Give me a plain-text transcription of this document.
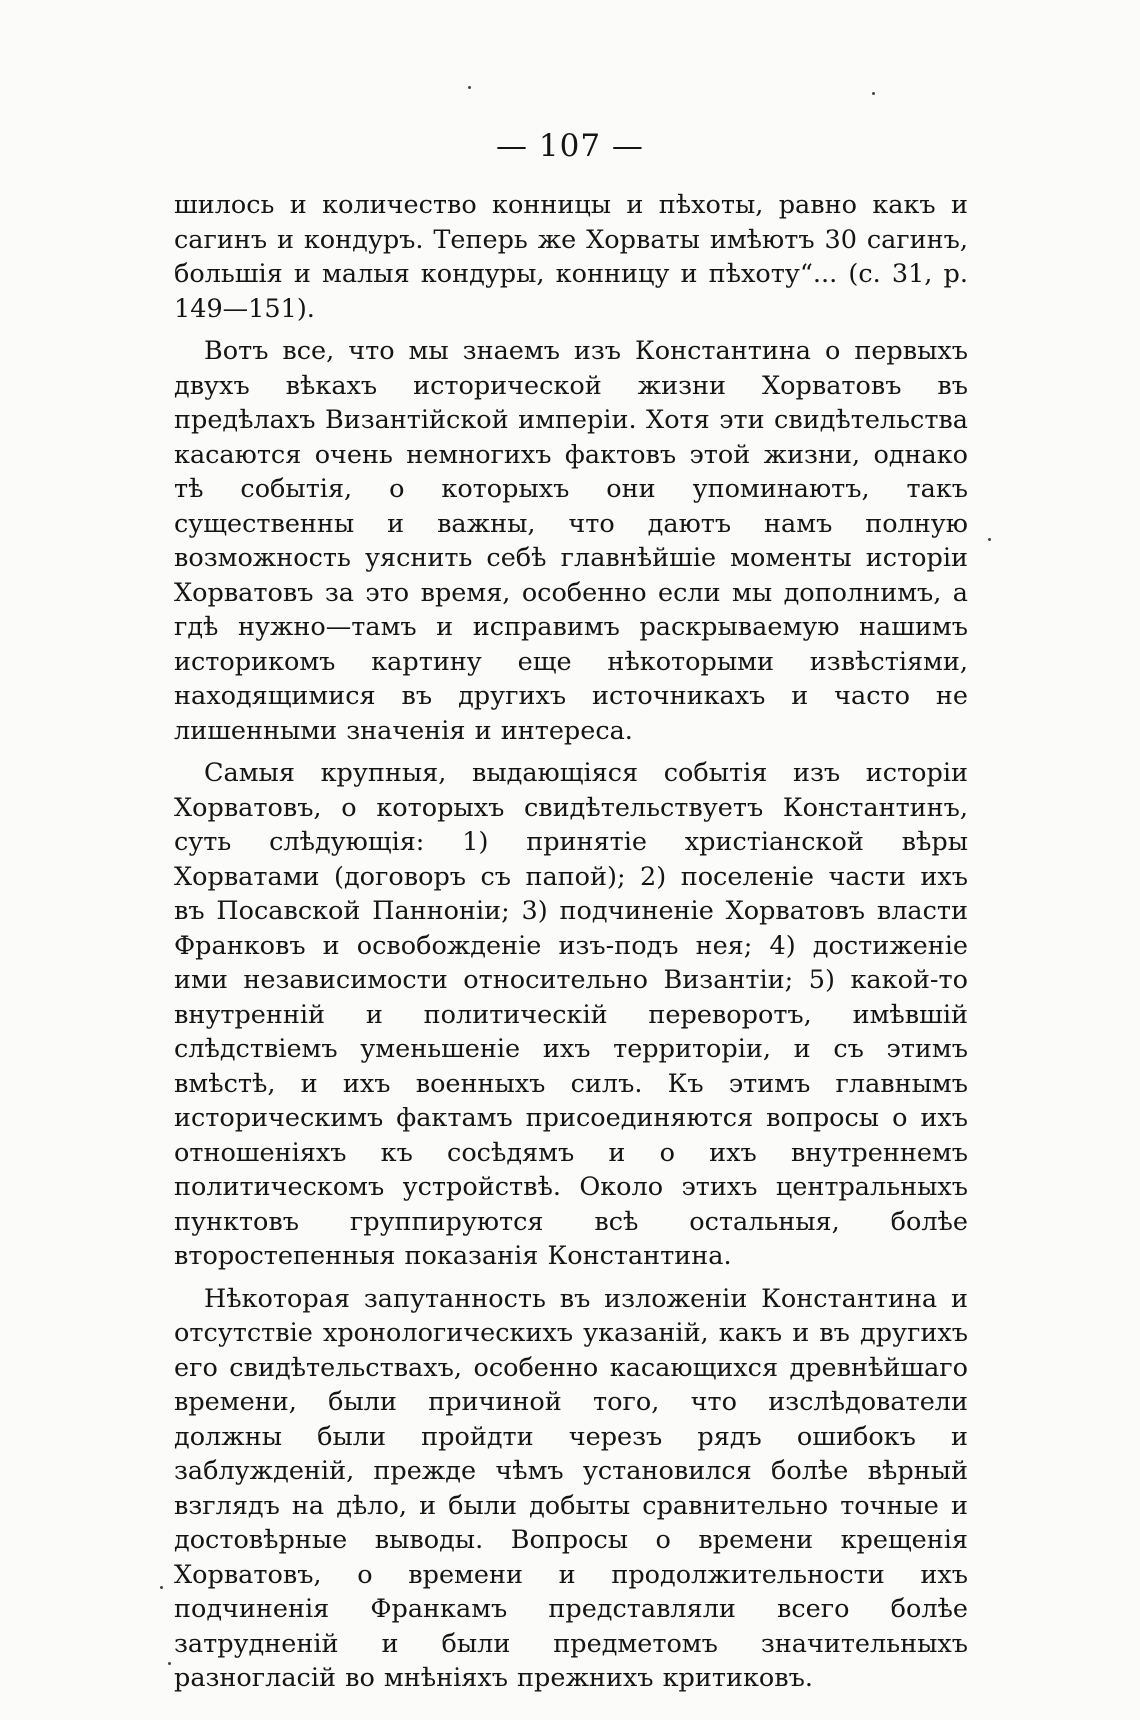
— 107 —

шилось и количество конницы и пѣхоты, равно какъ и сагинъ и кондуръ. Теперь же Хорваты имѣютъ 30 сагинъ, большія и малыя кондуры, конницу и пѣхоту“... (с. 31, р. 149—151).

Вотъ все, что мы знаемъ изъ Константина о первыхъ двухъ вѣкахъ исторической жизни Хорватовъ въ предѣлахъ Византійской имперіи. Хотя эти свидѣтельства касаются очень немногихъ фактовъ этой жизни, однако тѣ событія, о которыхъ они упоминаютъ, такъ существенны и важны, что даютъ намъ полную возможность уяснить себѣ главнѣйшіе моменты исторіи Хорватовъ за это время, особенно если мы дополнимъ, а гдѣ нужно—тамъ и исправимъ раскрываемую нашимъ историкомъ картину еще нѣкоторыми извѣстіями, находящимися въ другихъ источникахъ и часто не лишенными значенія и интереса.

Самыя крупныя, выдающіяся событія изъ исторіи Хорватовъ, о которыхъ свидѣтельствуетъ Константинъ, суть слѣдующія: 1) принятіе христіанской вѣры Хорватами (договоръ съ папой); 2) поселеніе части ихъ въ Посавской Панноніи; 3) подчиненіе Хорватовъ власти Франковъ и освобожденіе изъ-подъ нея; 4) достиженіе ими независимости относительно Византіи; 5) какой-то внутренній и политическій переворотъ, имѣвшій слѣдствіемъ уменьшеніе ихъ территоріи, и съ этимъ вмѣстѣ, и ихъ военныхъ силъ. Къ этимъ главнымъ историческимъ фактамъ присоединяются вопросы о ихъ отношеніяхъ къ сосѣдямъ и о ихъ внутреннемъ политическомъ устройствѣ. Около этихъ центральныхъ пунктовъ группируются всѣ остальныя, болѣе второстепенныя показанія Константина.

Нѣкоторая запутанность въ изложеніи Константина и отсутствіе хронологическихъ указаній, какъ и въ другихъ его свидѣтельствахъ, особенно касающихся древнѣйшаго времени, были причиной того, что изслѣдователи должны были пройдти черезъ рядъ ошибокъ и заблужденій, прежде чѣмъ установился болѣе вѣрный взглядъ на дѣло, и были добыты сравнительно точные и достовѣрные выводы. Вопросы о времени крещенія Хорватовъ, о времени и продолжительности ихъ подчиненія Франкамъ представляли всего болѣе затрудненій и были предметомъ значительныхъ разногласій во мнѣніяхъ прежнихъ критиковъ.
